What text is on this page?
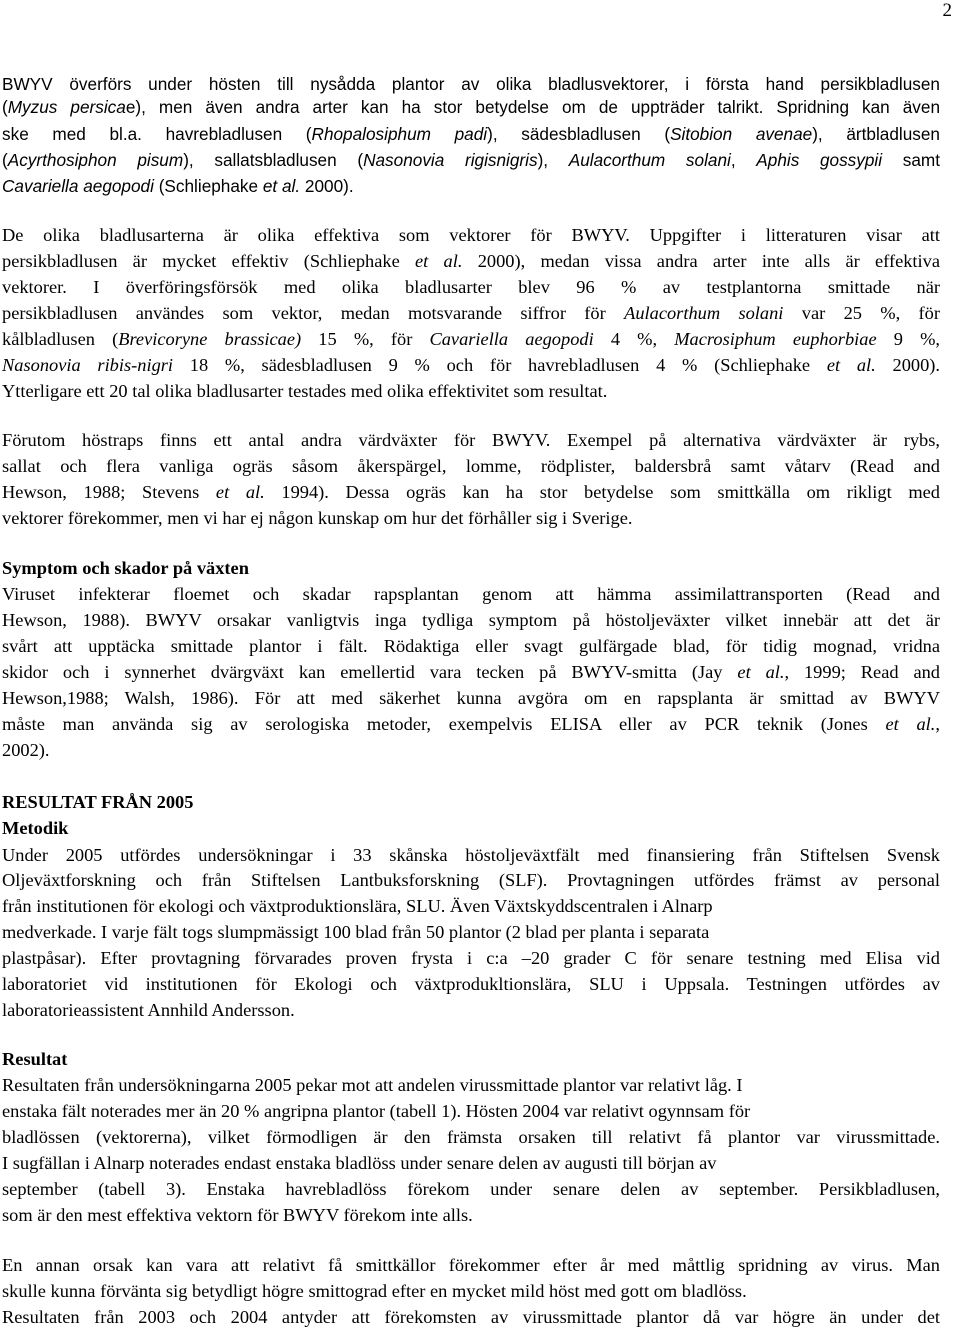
2
BWYV överförs under hösten till nysådda plantor av olika bladlusvektorer, i första hand persikbladlusen
(Myzus persicae), men även andra arter kan ha stor betydelse om de uppträder talrikt. Spridning kan även
ske med bl.a. havrebladlusen (Rhopalosiphum padi), sädesbladlusen (Sitobion avenae), ärtbladlusen
(Acyrthosiphon pisum), sallatsbladlusen (Nasonovia rigisnigris), Aulacorthum solani, Aphis gossypii samt
Cavariella aegopodi (Schliephake et al. 2000).
De olika bladlusarterna är olika effektiva som vektorer för BWYV. Uppgifter i litteraturen visar att
persikbladlusen är mycket effektiv (Schliephake et al. 2000), medan vissa andra arter inte alls är effektiva
vektorer. I överföringsförsök med olika bladlusarter blev 96 % av testplantorna smittade när
persikbladlusen användes som vektor, medan motsvarande siffror för Aulacorthum solani var 25 %, för
kålbladlusen (Brevicoryne brassicae) 15 %, för Cavariella aegopodi 4 %, Macrosiphum euphorbiae 9 %,
Nasonovia ribis-nigri 18 %, sädesbladlusen 9 % och för havrebladlusen 4 % (Schliephake et al. 2000).
Ytterligare ett 20 tal olika bladlusarter testades med olika effektivitet som resultat.
Förutom höstraps finns ett antal andra värdväxter för BWYV. Exempel på alternativa värdväxter är rybs,
sallat och flera vanliga ogräs såsom åkerspärgel, lomme, rödplister, baldersbrå samt våtarv (Read and
Hewson, 1988; Stevens et al. 1994). Dessa ogräs kan ha stor betydelse som smittkälla om rikligt med
vektorer förekommer, men vi har ej någon kunskap om hur det förhåller sig i Sverige.
Symptom och skador på växten
Viruset infekterar floemet och skadar rapsplantan genom att hämma assimilattransporten (Read and
Hewson, 1988). BWYV orsakar vanligtvis inga tydliga symptom på höstoljeväxter vilket innebär att det är
svårt att upptäcka smittade plantor i fält. Rödaktiga eller svagt gulfärgade blad, för tidig mognad, vridna
skidor och i synnerhet dvärgväxt kan emellertid vara tecken på BWYV-smitta (Jay et al., 1999; Read and
Hewson,1988; Walsh, 1986). För att med säkerhet kunna avgöra om en rapsplanta är smittad av BWYV
måste man använda sig av serologiska metoder, exempelvis ELISA eller av PCR teknik (Jones et al.,
2002).
RESULTAT FRÅN 2005
Metodik
Under 2005 utfördes undersökningar i 33 skånska höstoljeväxtfält med finansiering från Stiftelsen Svensk
Oljeväxtforskning och från Stiftelsen Lantbuksforskning (SLF). Provtagningen utfördes främst av personal
från institutionen för ekologi och växtproduktionslära, SLU. Även Växtskyddscentralen i Alnarp
medverkade. I varje fält togs slumpmässigt 100 blad från 50 plantor (2 blad per planta i separata
plastpåsar). Efter provtagning förvarades proven frysta i c:a –20 grader C för senare testning med Elisa vid
laboratoriet vid institutionen för Ekologi och växtprodukltionslära, SLU i Uppsala. Testningen utfördes av
laboratorieassistent Annhild Andersson.
Resultat
Resultaten från undersökningarna 2005 pekar mot att andelen virussmittade plantor var relativt låg. I
enstaka fält noterades mer än 20 % angripna plantor (tabell 1). Hösten 2004 var relativt ogynnsam för
bladlössen (vektorerna), vilket förmodligen är den främsta orsaken till relativt få plantor var virussmittade.
I sugfällan i Alnarp noterades endast enstaka bladlöss under senare delen av augusti till början av
september (tabell 3). Enstaka havrebladlöss förekom under senare delen av september. Persikbladlusen,
som är den mest effektiva vektorn för BWYV förekom inte alls.
En annan orsak kan vara att relativt få smittkällor förekommer efter år med måttlig spridning av virus. Man
skulle kunna förvänta sig betydligt högre smittograd efter en mycket mild höst med gott om bladlöss.
Resultaten från 2003 och 2004 antyder att förekomsten av virussmittade plantor då var högre än under det
